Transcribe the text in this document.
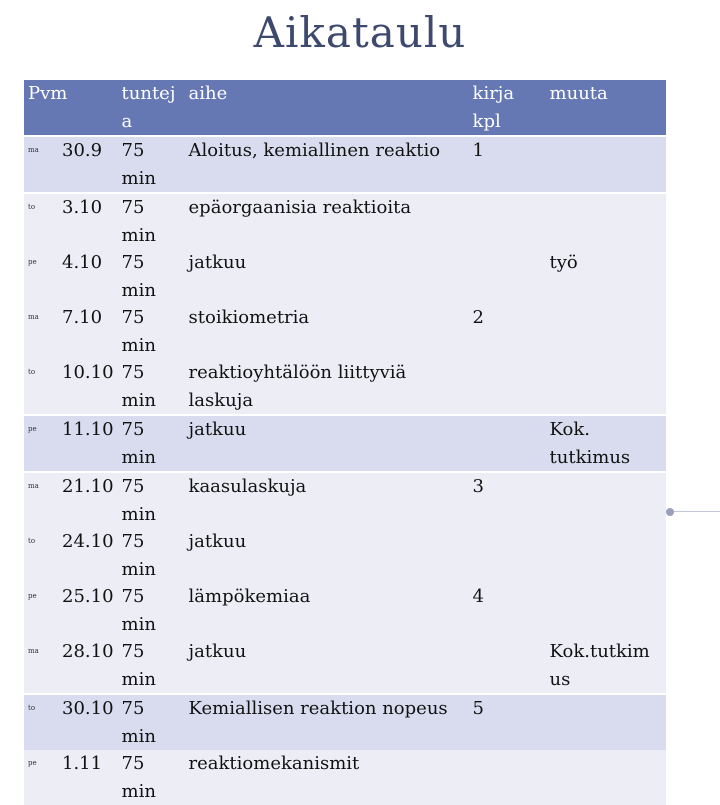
Aikataulu
Pvm		tuntej a	aihe	kirja kpl	muuta
ma	30.9	75 min	Aloitus, kemiallinen reaktio	1	
to	3.10	75 min	epäorgaanisia reaktioita		
pe	4.10	75 min	jatkuu		työ
ma	7.10	75 min	stoikiometria	2	
to	10.10	75 min	reaktioyhtälöön liittyviä laskuja		
pe	11.10	75 min	jatkuu		Kok. tutkimus
ma	21.10	75 min	kaasulaskuja	3	
to	24.10	75 min	jatkuu		
pe	25.10	75 min	lämpökemiaa	4	
ma	28.10	75 min	jatkuu		Kok.tutkim us
to	30.10	75 min	Kemiallisen reaktion nopeus	5	
pe	1.11	75 min	reaktiomekanismit		
